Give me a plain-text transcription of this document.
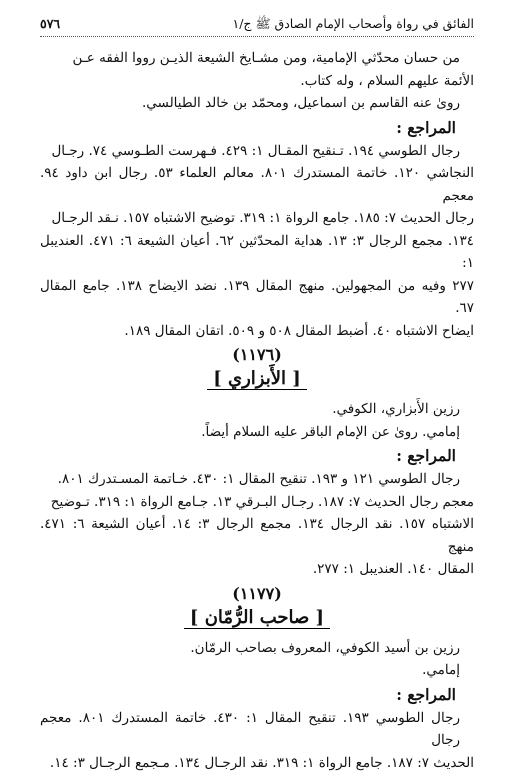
الفائق في رواة وأصحاب الإمام الصادق ﷺ ج/١
٥٧٦
من حسان محدّثي الإمامية، ومن مشـايخ الشيعة الذيـن رووا الفقه عـن
الأئمة عليهم السلام ، وله كتاب.
روىٰ عنه القاسم بن اسماعيل، ومحمّد بن خالد الطيالسي.
المراجع :
رجال الطوسي ١٩٤. تـنقيح المقـال ١: ٤٢٩. فـهرست الطـوسي ٧٤. رجـال
النجاشي ١٢٠. خاتمة المستدرك ٨٠١. معالم العلماء ٥٣. رجال ابن داود ٩٤. معجم
رجال الحديث ٧: ١٨٥. جامع الرواة ١: ٣١٩. توضيح الاشتباه ١٥٧. نـقد الرجـال
١٣٤. مجمع الرجال ٣: ١٣. هداية المحدّثين ٦٢. أعيان الشيعة ٦: ٤٧١. العنديبل ١:
٢٧٧ وفيه من المجهولين. منهج المقال ١٣٩. نضد الايضاح ١٣٨. جامع المقال ٦٧.
ايضاح الاشتباه ٤٠. أضبط المقال ٥٠٨ و ٥٠٩. اتقان المقال ١٨٩.
(١١٧٦)
[ الأَبزاري ]
رزين الأَبزاري، الكوفي.
إمامي. روىٰ عن الإمام الباقر عليه السلام أيضاً.
المراجع :
رجال الطوسي ١٢١ و ١٩٣. تنقيح المقال ١: ٤٣٠. خـاتمة المسـتدرك ٨٠١.
معجم رجال الحديث ٧: ١٨٧. رجـال البـرقي ١٣. جـامع الرواة ١: ٣١٩. تـوضيح
الاشتباه ١٥٧. نقد الرجال ١٣٤. مجمع الرجال ٣: ١٤. أعيان الشيعة ٦: ٤٧١. منهج
المقال ١٤٠. العنديبل ١: ٢٧٧.
(١١٧٧)
[ صاحب الرُّمّان ]
رزين بن أسيد الكوفي، المعروف بصاحب الرمّان.
إمامي.
المراجع :
رجال الطوسي ١٩٣. تنقيح المقال ١: ٤٣٠. خاتمة المستدرك ٨٠١. معجم رجال
الحديث ٧: ١٨٧. جامع الرواة ١: ٣١٩. نقد الرجـال ١٣٤. مـجمع الرجـال ٣: ١٤.
